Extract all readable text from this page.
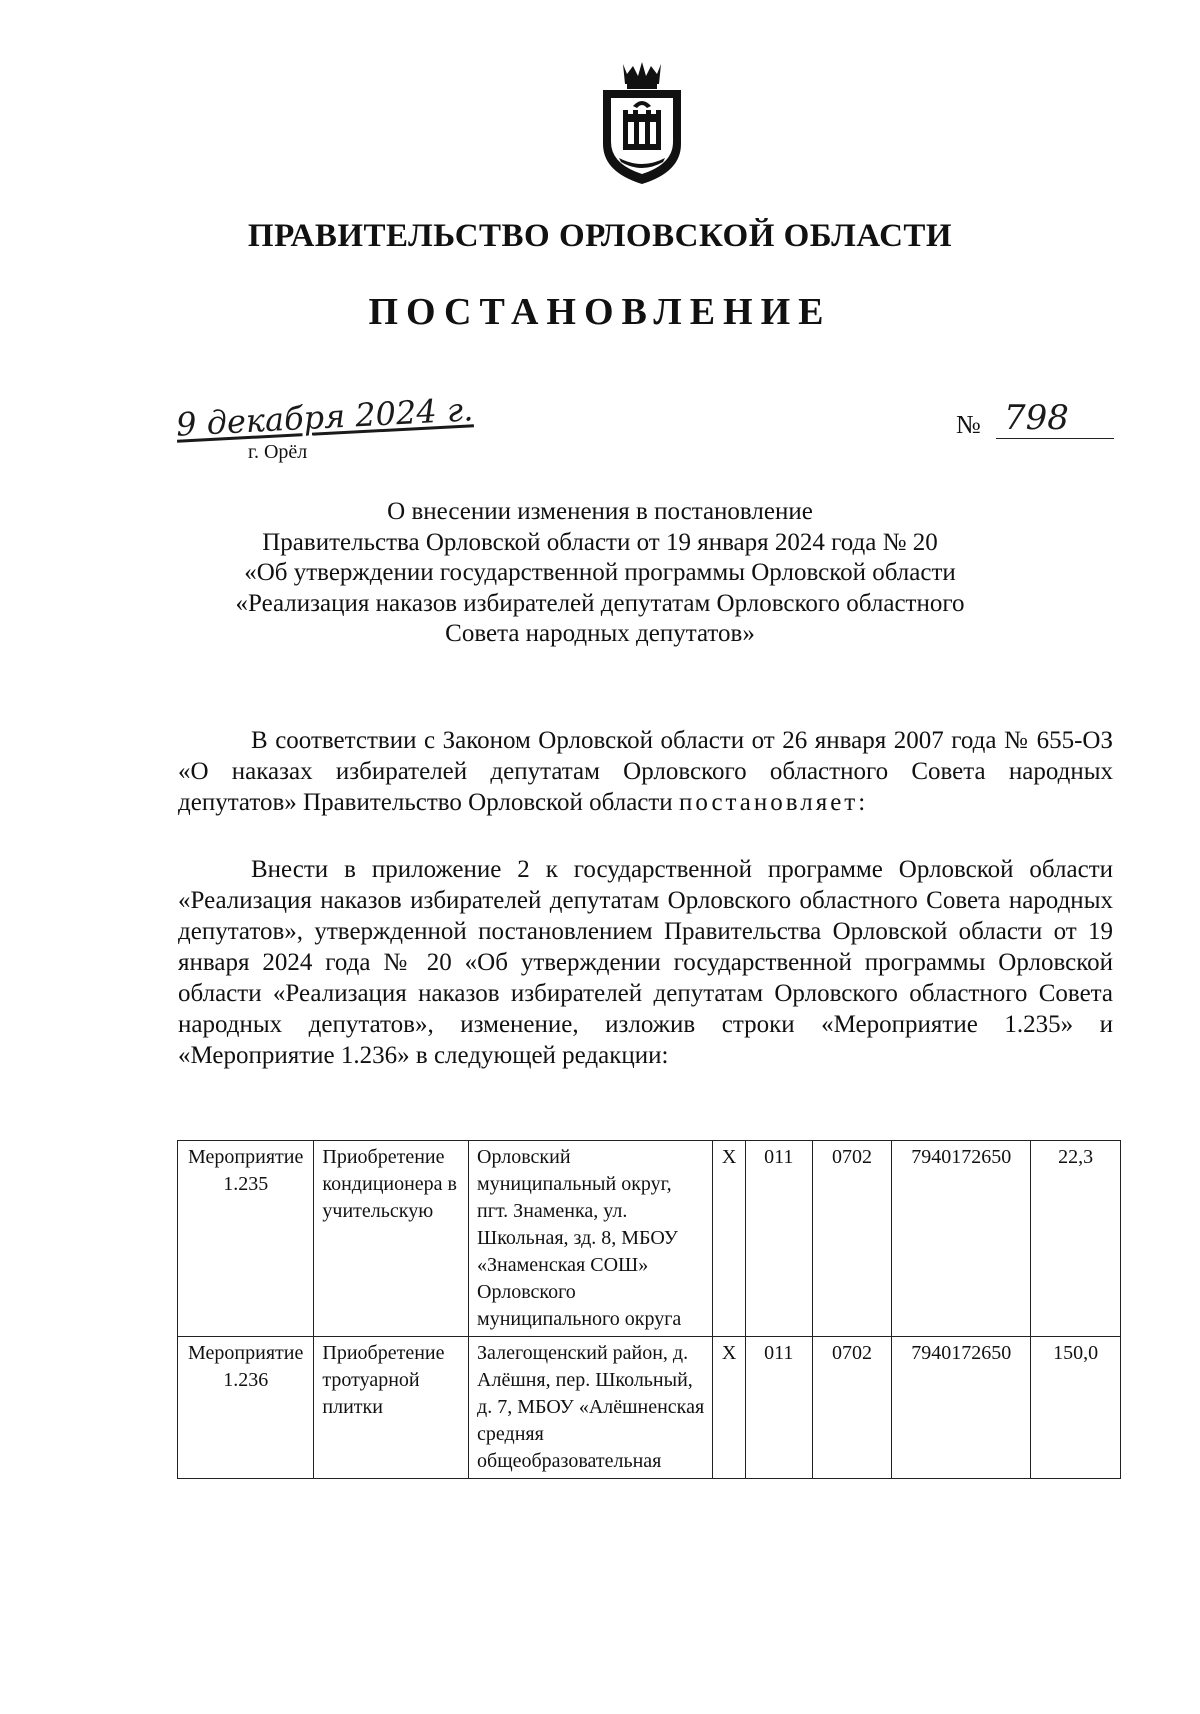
ПРАВИТЕЛЬСТВО ОРЛОВСКОЙ ОБЛАСТИ
ПОСТАНОВЛЕНИЕ
9 декабря 2024 г.
г. Орёл
№ 798
О внесении изменения в постановление
Правительства Орловской области от 19 января 2024 года № 20
«Об утверждении государственной программы Орловской области
«Реализация наказов избирателей депутатам Орловского областного
Совета народных депутатов»

В соответствии с Законом Орловской области от 26 января 2007 года № 655-ОЗ «О наказах избирателей депутатам Орловского областного Совета народных депутатов» Правительство Орловской области постановляет:

Внести в приложение 2 к государственной программе Орловской области «Реализация наказов избирателей депутатам Орловского областного Совета народных депутатов», утвержденной постановлением Правительства Орловской области от 19 января 2024 года № 20 «Об утверждении государственной программы Орловской области «Реализация наказов избирателей депутатам Орловского областного Совета народных депутатов», изменение, изложив строки «Мероприятие 1.235» и «Мероприятие 1.236» в следующей редакции:

Мероприятие 1.235	Приобретение кондиционера в учительскую	Орловский муниципальный округ, пгт. Знаменка, ул. Школьная, зд. 8, МБОУ «Знаменская СОШ» Орловского муниципального округа	Х	011	0702	7940172650	22,3
Мероприятие 1.236	Приобретение тротуарной плитки	Залегощенский район, д. Алёшня, пер. Школьный, д. 7, МБОУ «Алёшненская средняя общеобразовательная	Х	011	0702	7940172650	150,0
